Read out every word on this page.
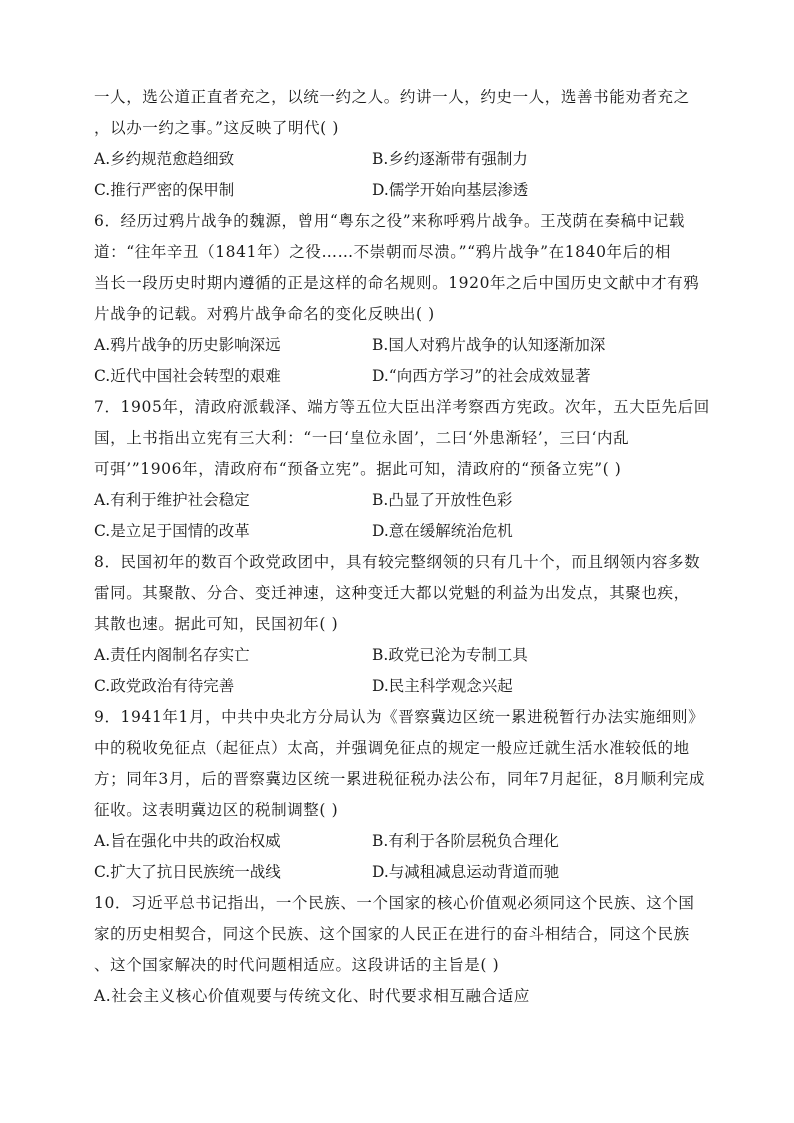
一人，选公道正直者充之，以统一约之人。约讲一人，约史一人，选善书能劝者充之
，以办一约之事。”这反映了明代( )
A.乡约规范愈趋细致	B.乡约逐渐带有强制力
C.推行严密的保甲制	D.儒学开始向基层渗透
6．经历过鸦片战争的魏源，曾用“粤东之役”来称呼鸦片战争。王茂荫在奏稿中记载
道：“往年辛丑（1841年）之役……不崇朝而尽溃。”“鸦片战争”在1840年后的相
当长一段历史时期内遵循的正是这样的命名规则。1920年之后中国历史文献中才有鸦
片战争的记载。对鸦片战争命名的变化反映出( )
A.鸦片战争的历史影响深远	B.国人对鸦片战争的认知逐渐加深
C.近代中国社会转型的艰难	D.“向西方学习”的社会成效显著
7．1905年，清政府派载泽、端方等五位大臣出洋考察西方宪政。次年，五大臣先后回
国，上书指出立宪有三大利：“一曰‘皇位永固’，二曰‘外患渐轻’，三曰‘内乱
可弭’”1906年，清政府布“预备立宪”。据此可知，清政府的“预备立宪”( )
A.有利于维护社会稳定	B.凸显了开放性色彩
C.是立足于国情的改革	D.意在缓解统治危机
8．民国初年的数百个政党政团中，具有较完整纲领的只有几十个，而且纲领内容多数
雷同。其聚散、分合、变迁神速，这种变迁大都以党魁的利益为出发点，其聚也疾，
其散也速。据此可知，民国初年( )
A.责任内阁制名存实亡	B.政党已沦为专制工具
C.政党政治有待完善	D.民主科学观念兴起
9．1941年1月，中共中央北方分局认为《晋察冀边区统一累进税暂行办法实施细则》
中的税收免征点（起征点）太高，并强调免征点的规定一般应迁就生活水准较低的地
方；同年3月，后的晋察冀边区统一累进税征税办法公布，同年7月起征，8月顺利完成
征收。这表明冀边区的税制调整( )
A.旨在强化中共的政治权威	B.有利于各阶层税负合理化
C.扩大了抗日民族统一战线	D.与减租减息运动背道而驰
10．习近平总书记指出，一个民族、一个国家的核心价值观必须同这个民族、这个国
家的历史相契合，同这个民族、这个国家的人民正在进行的奋斗相结合，同这个民族
、这个国家解决的时代问题相适应。这段讲话的主旨是( )
A.社会主义核心价值观要与传统文化、时代要求相互融合适应
